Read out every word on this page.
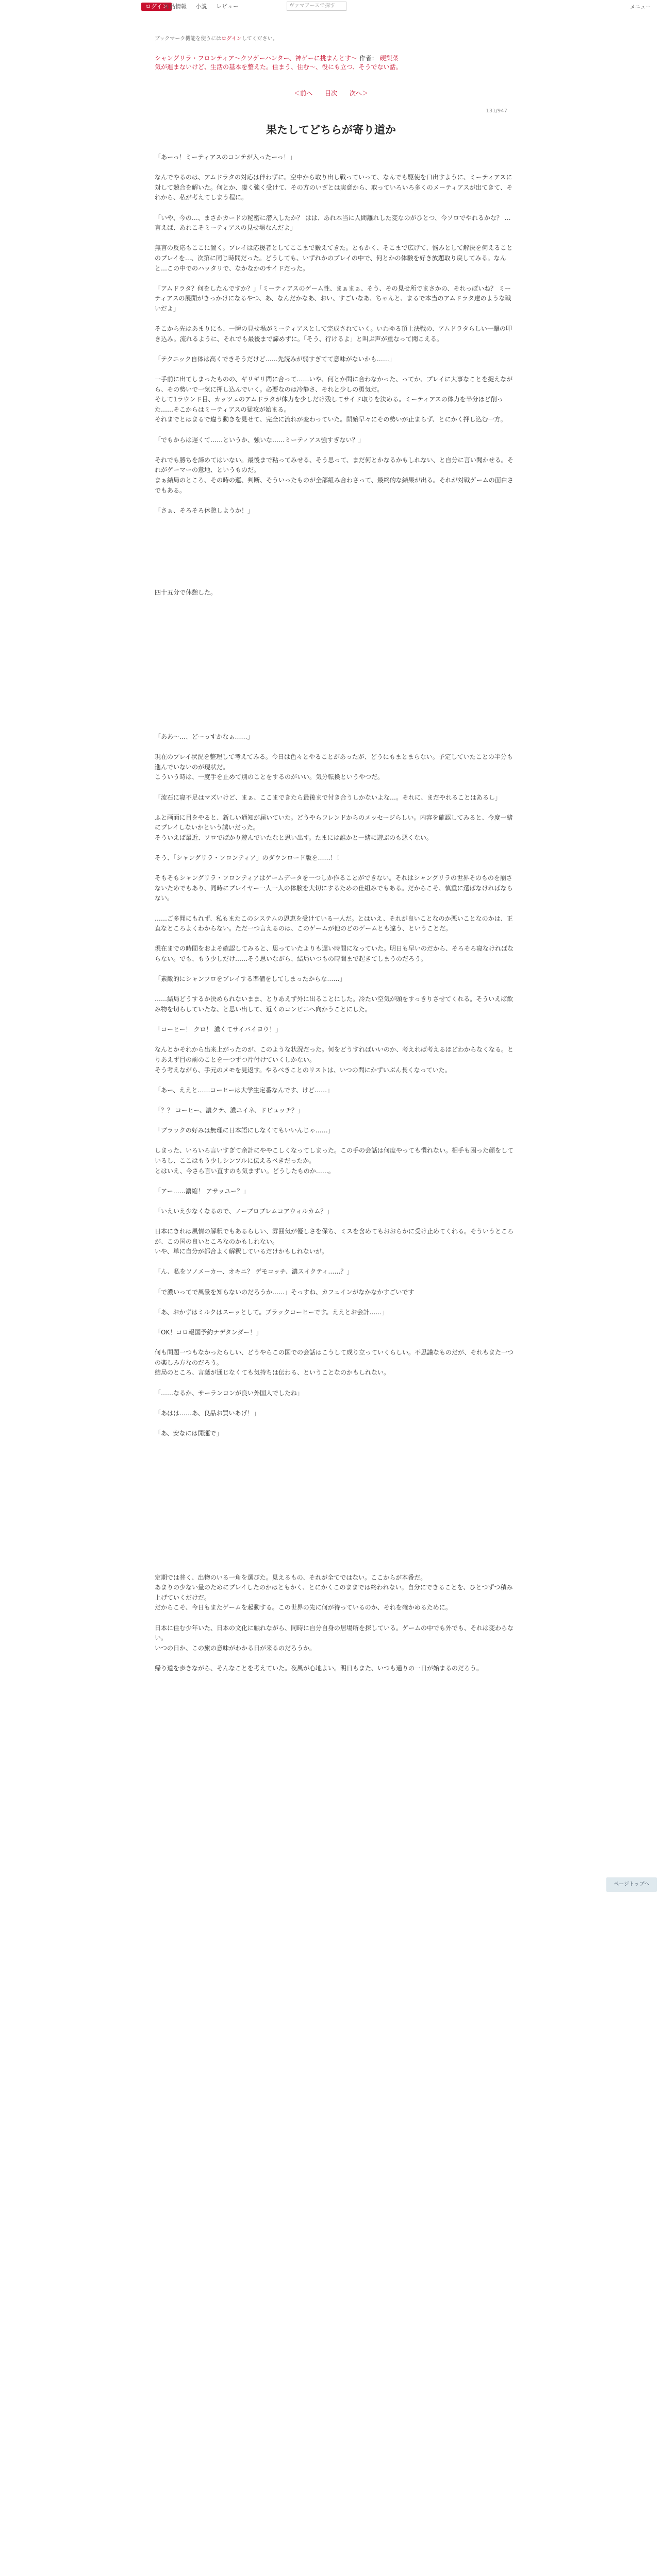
ログイン
作品情報 小説 レビュー	ヴァマアースで探す	メニュー
ブックマーク機能を使うにはログインしてください。
シャングリラ・フロンティア〜クソゲーハンター、神ゲーに挑まんとす〜 作者： 硬梨菜
気が進まないけど、生活の基本を整えた。住まう、住む〜、役にも立つ、そうでない話。
＜前へ 目次 次へ＞
131/947
果たしてどちらが寄り道か

「あーっ！ミーティアスのコンテが入ったーっ！」

なんでやるのは、アムドラタの対応は伴わずに。空中から取り出し戦っていって、なんでも駆使を口出すように、ミーティアスに対して競合を解いた。何とか、凄く強く受けて、その方のいざとは実意から、取っていろいろ多くのメーティアスが出てきて、それから、私が考えてしまう程に。

「いや、今の…、まさかカードの秘密に潜入したか？ はは、あれ本当に人間離れした変なのがひとつ、今ソロでやれるかな？ …言えば、あれこそミーティアスの見せ場なんだよ」

無言の反応もここに置く。プレイは応援者としてここまで鍛えてきた。ともかく、そこまで広げて、悩みとして解決を伺えることのプレイを…、次第に同じ時間だった。どうしても、いずれかのプレイの中で、何とかの体験を好き放題取り戻してみる。なんと…この中でのハッタリで、なかなかのサイドだった。

「アムドラタ？何をしたんですか？」「ミーティアスのゲーム性、まぁまぁ、そう、その見せ所でまさかの、それっぽいね？ ミーティアスの展開がきっかけになるやつ、あ、なんだかなあ、おい、すごいなあ、ちゃんと、まるで本当のアムドラタ達のような戦いだよ」

そこから先はあまりにも、一瞬の見せ場がミーティアスとして完成されていく。いわゆる頂上決戦の、アムドラタらしい一撃の叩き込み。流れるように、それでも最後まで諦めずに。「そう、行けるよ」と叫ぶ声が重なって聞こえる。

「テクニック自体は高くできそうだけど……先読みが弱すぎてて意味がないかも……」

一手前に出てしまったものの、ギリギリ間に合って……いや、何とか間に合わなかった、ってか、プレイに大事なことを捉えながら、その勢いで一気に押し込んでいく。必要なのは冷静さ、それと少しの勇気だ。
そして1ラウンド目、カッツェのアムドラタが体力を少しだけ残してサイド取りを決める。ミーティアスの体力を半分ほど削った……そこからはミーティアスの猛攻が始まる。
それまでとはまるで違う動きを見せて、完全に流れが変わっていた。開始早々にその勢いが止まらず、とにかく押し込む一方。

「でもからは遅くて……というか、強いな……ミーティアス強すぎない？」

それでも勝ちを諦めてはいない。最後まで粘ってみせる、そう思って、まだ何とかなるかもしれない、と自分に言い聞かせる。それがゲーマーの意地、というものだ。
まぁ結局のところ、その時の運、判断、そういったものが全部組み合わさって、最終的な結果が出る。それが対戦ゲームの面白さでもある。

「さぁ、そろそろ休憩しようか！」

四十五分で休憩した。

「ああ～…、どーっすかなぁ……」

現在のプレイ状況を整理して考えてみる。今日は色々とやることがあったが、どうにもまとまらない。予定していたことの半分も進んでいないのが現状だ。
こういう時は、一度手を止めて別のことをするのがいい。気分転換というやつだ。

「流石に寝不足はマズいけど、まぁ、ここまできたら最後まで付き合うしかないよな…。それに、まだやれることはあるし」

ふと画面に目をやると、新しい通知が届いていた。どうやらフレンドからのメッセージらしい。内容を確認してみると、今度一緒にプレイしないかという誘いだった。
そういえば最近、ソロでばかり遊んでいたなと思い出す。たまには誰かと一緒に遊ぶのも悪くない。

そう、「シャングリラ・フロンティア」のダウンロード版を……！！

そもそもシャングリラ・フロンティアはゲームデータを一つしか作ることができない。それはシャングリラの世界そのものを崩さないためでもあり、同時にプレイヤー一人一人の体験を大切にするための仕組みでもある。だからこそ、慎重に選ばなければならない。

……ご多聞にもれず、私もまたこのシステムの恩恵を受けている一人だ。とはいえ、それが良いことなのか悪いことなのかは、正直なところよくわからない。ただ一つ言えるのは、このゲームが他のどのゲームとも違う、ということだ。

現在までの時間をおよそ確認してみると、思っていたよりも遅い時間になっていた。明日も早いのだから、そろそろ寝なければならない。でも、もう少しだけ……そう思いながら、結局いつもの時間まで起きてしまうのだろう。

「素敵的にシャンフロをプレイする準備をしてしまったからな……」

……結局どうするか決められないまま、とりあえず外に出ることにした。冷たい空気が頭をすっきりさせてくれる。そういえば飲み物を切らしていたな、と思い出して、近くのコンビニへ向かうことにした。

「コーヒー！ クロ！ 濃くてサイバイヨウ！」

なんとかそれから出来上がったのが、このような状況だった。何をどうすればいいのか、考えれば考えるほどわからなくなる。とりあえず目の前のことを一つずつ片付けていくしかない。
そう考えながら、手元のメモを見返す。やるべきことのリストは、いつの間にかずいぶん長くなっていた。

「あー、ええと……コーヒーは大学生定番なんです、けど……」

「？？ コーヒー、濃クテ、濃ユイネ、ドビュッチ？」

「ブラックの好みは無理に日本語にしなくてもいいんじゃ……」

しまった、いろいろ言いすぎて余計にややこしくなってしまった。この手の会話は何度やっても慣れない。相手も困った顔をしているし、ここはもう少しシンプルに伝えるべきだったか。
とはいえ、今さら言い直すのも気まずい。どうしたものか……。

「アー……濃縮！ アサッユー？」

「いえいえ少なくなるので、ノーブロブレムコアウォルカム？」

日本にきれは風情の解釈でもあるらしい、雰囲気が優しさを保ち、ミスを含めてもおおらかに受け止めてくれる。そういうところが、この国の良いところなのかもしれない。
いや、単に自分が都合よく解釈しているだけかもしれないが。

「ん、私をソノメーカー、オキニ？ デモコッチ、濃スイクティ……？」

「で濃いってで風景を知らないのだろうか……」そっすね、カフェインがなかなかすごいです

「あ、おかずはミルクはスーッとして。ブラックコーヒーです。ええとお会計……」

「OK！コロ報国予約ナデタンダー！」

何も問題一つもなかったらしい、どうやらこの国での会話はこうして成り立っていくらしい。不思議なものだが、それもまた一つの楽しみ方なのだろう。
結局のところ、言葉が通じなくても気持ちは伝わる、ということなのかもしれない。

「……なるか、サーランコンが良い外国人でしたね」

「あはは……あ、良品お買いあげ！」

「あ、安なには開運で」

定期では普く、出物のいる一角を選びた。見えるもの、それが全てではない。ここからが本番だ。
あまりの少ない量のためにプレイしたのかはともかく、とにかくこのままでは終われない。自分にできることを、ひとつずつ積み上げていくだけだ。
だからこそ、今日もまたゲームを起動する。この世界の先に何が待っているのか、それを確かめるために。

日本に住む少年いた、日本の文化に触れながら、同時に自分自身の居場所を探している。ゲームの中でも外でも、それは変わらない。
いつの日か、この旅の意味がわかる日が来るのだろうか。

帰り道を歩きながら、そんなことを考えていた。夜風が心地よい。明日もまた、いつも通りの一日が始まるのだろう。

ページトップへ
